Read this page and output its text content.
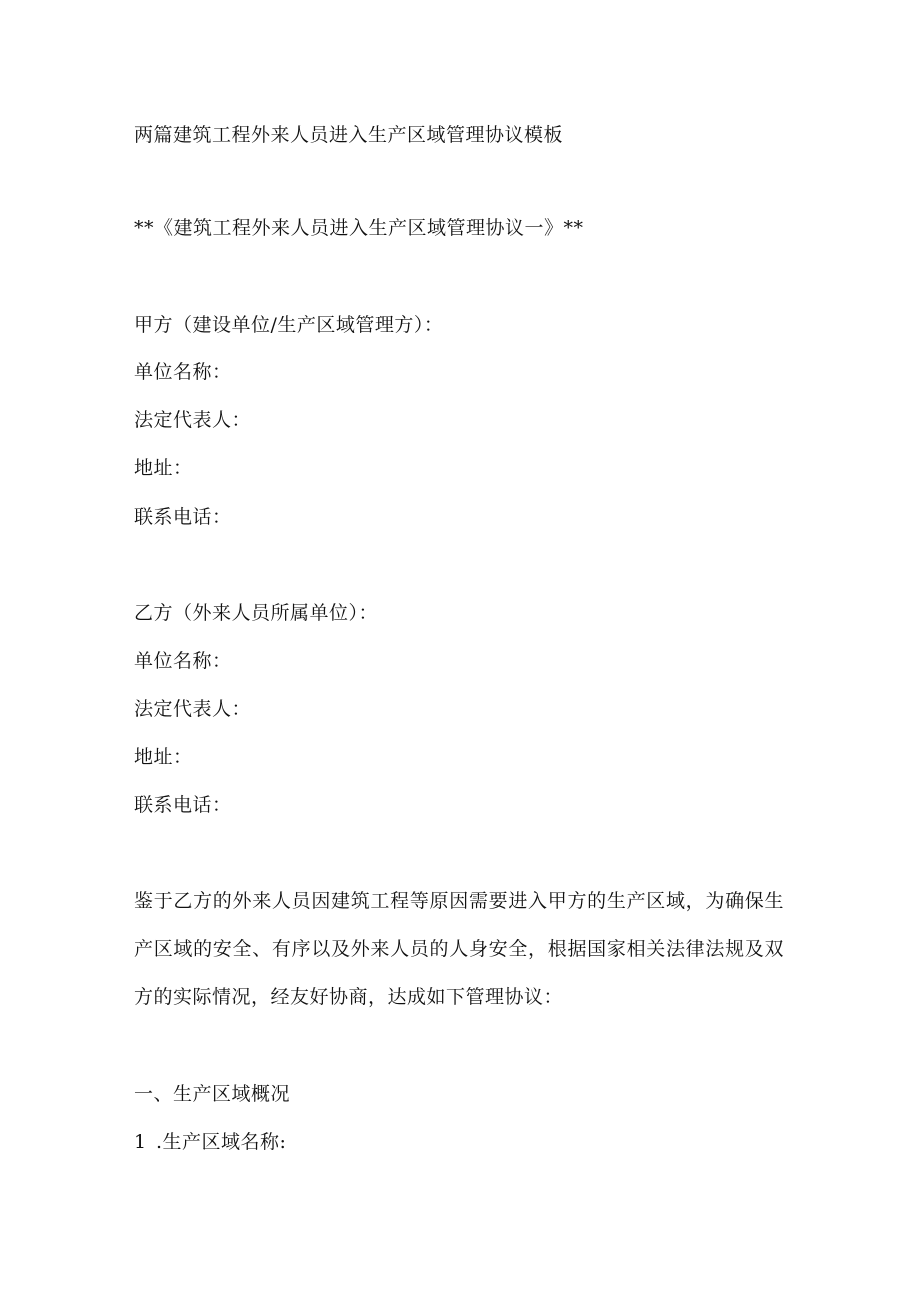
两篇建筑工程外来人员进入生产区域管理协议模板
**《建筑工程外来人员进入生产区域管理协议一》**
甲方（建设单位/生产区域管理方）：
单位名称：
法定代表人：
地址：
联系电话：
乙方（外来人员所属单位）：
单位名称：
法定代表人：
地址：
联系电话：
鉴于乙方的外来人员因建筑工程等原因需要进入甲方的生产区域，为确保生产区域的安全、有序以及外来人员的人身安全，根据国家相关法律法规及双方的实际情况，经友好协商，达成如下管理协议：
一、生产区域概况
1 .生产区域名称:
